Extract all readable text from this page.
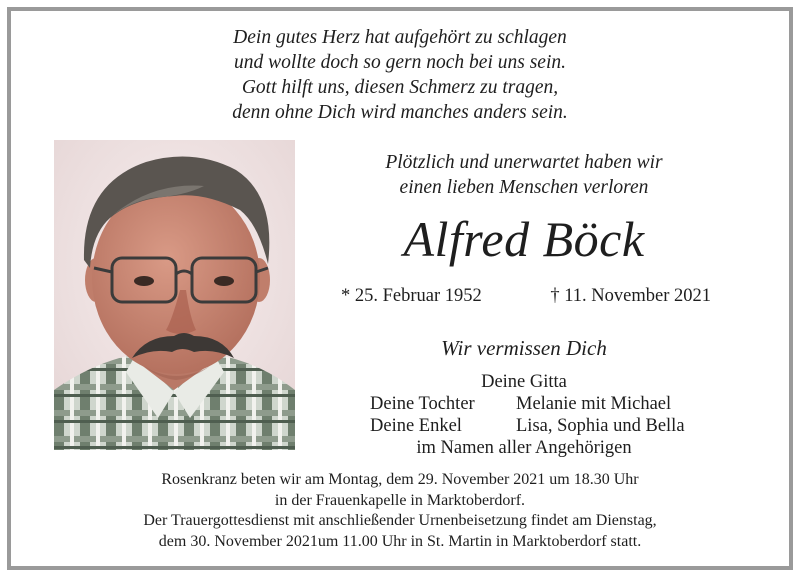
Dein gutes Herz hat aufgehört zu schlagen
und wollte doch so gern noch bei uns sein.
Gott hilft uns, diesen Schmerz zu tragen,
denn ohne Dich wird manches anders sein.
Plötzlich und unerwartet haben wir
einen lieben Menschen verloren
Alfred Böck
* 25. Februar 1952	† 11. November 2021
Wir vermissen Dich
Deine Gitta
Deine Tochter Melanie mit Michael
Deine Enkel	Lisa, Sophia und Bella
im Namen aller Angehörigen
Rosenkranz beten wir am Montag, dem 29. November 2021 um 18.30 Uhr
in der Frauenkapelle in Marktoberdorf.
Der Trauergottesdienst mit anschließender Urnenbeisetzung findet am Dienstag,
dem 30. November 2021um 11.00 Uhr in St. Martin in Marktoberdorf statt.
